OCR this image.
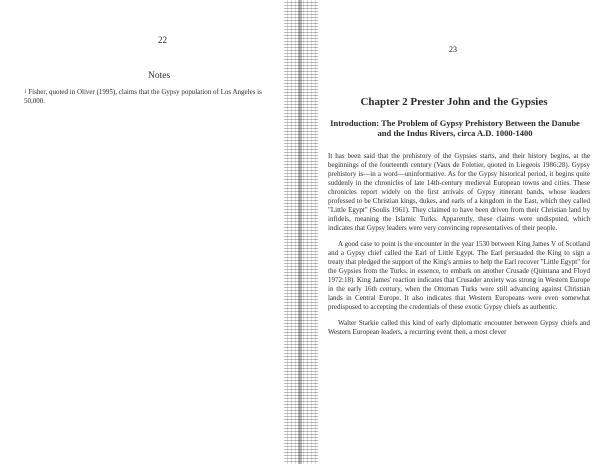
22
Notes
$^1$ Fisher, quoted in Oliver (1995), claims that the Gypsy population of Los Angeles is 50,000.
23
Chapter 2 Prester John and the Gypsies
Introduction: The Problem of Gypsy Prehistory Between the Danube and the Indus Rivers, circa A.D. 1000-1400

It has been said that the prehistory of the Gypsies starts, and their history begins, at the beginnings of the fourteenth century (Vaux de Foletier, quoted in Liegeois 1986:28). Gypsy prehistory is—in a word—uninformative. As for the Gypsy historical period, it begins quite suddenly in the chronicles of late 14th-century medieval European towns and cities. These chronicles report widely on the first arrivals of Gypsy itinerant bands, whose leaders professed to be Christian kings, dukes, and earls of a kingdom in the East, which they called "Little Egypt" (Soulis 1961). They claimed to have been driven from their Christian land by infidels, meaning the Islamic Turks. Apparently, these claims were undisputed, which indicates that Gypsy leaders were very convincing representatives of their people.

A good case to point is the encounter in the year 1530 between King James V of Scotland and a Gypsy chief called the Earl of Little Egypt. The Earl persuaded the King to sign a treaty that pledged the support of the King's armies to help the Earl recover "Little Egypt" for the Gypsies from the Turks, in essence, to embark on another Crusade (Quintana and Floyd 1972:18). King James' reaction indicates that Crusader anxiety was strong in Western Europe in the early 16th century, when the Ottoman Turks were still advancing against Christian lands in Central Europe. It also indicates that Western Europeans were even somewhat predisposed to accepting the credentials of these exotic Gypsy chiefs as authentic.

Walter Starkie called this kind of early diplomatic encounter between Gypsy chiefs and Western European leaders, a recurring event then, a most clever
